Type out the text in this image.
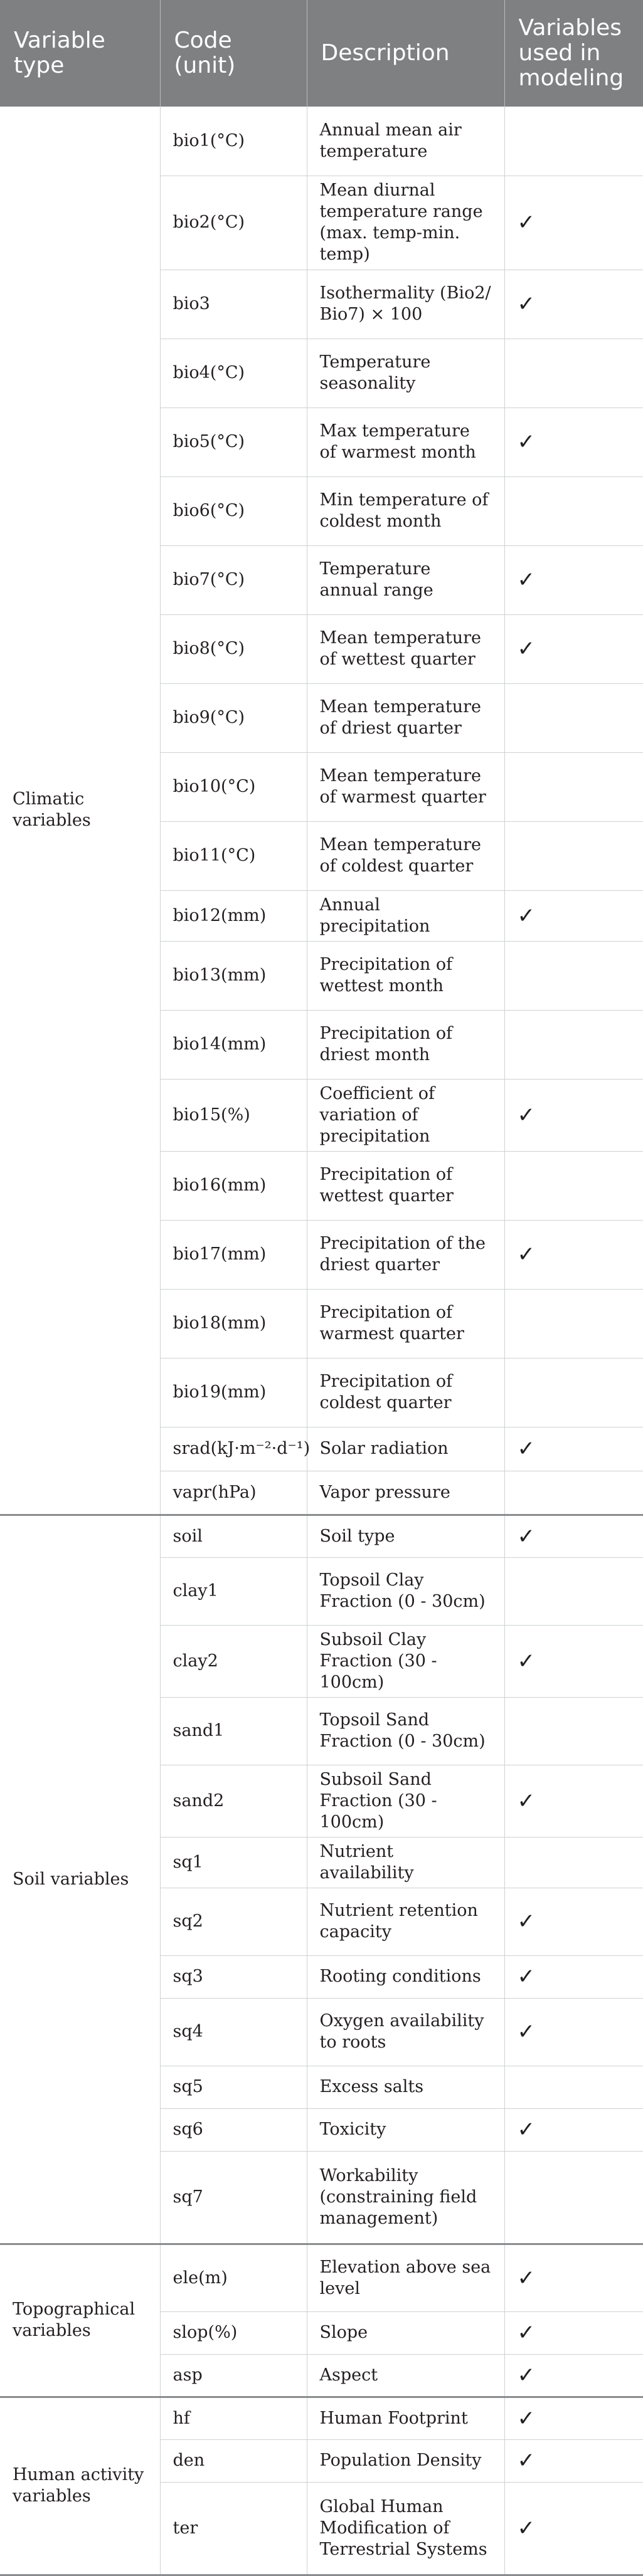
Variable type	Code (unit)	Description	Variables used in modeling
Climatic variables	bio1(°C)	Annual mean air temperature	
	bio2(°C)	Mean diurnal temperature range (max. temp-min. temp)	✓
	bio3	Isothermality (Bio2/ Bio7) × 100	✓
	bio4(°C)	Temperature seasonality	
	bio5(°C)	Max temperature of warmest month	✓
	bio6(°C)	Min temperature of coldest month	
	bio7(°C)	Temperature annual range	✓
	bio8(°C)	Mean temperature of wettest quarter	✓
	bio9(°C)	Mean temperature of driest quarter	
	bio10(°C)	Mean temperature of warmest quarter	
	bio11(°C)	Mean temperature of coldest quarter	
	bio12(mm)	Annual precipitation	✓
	bio13(mm)	Precipitation of wettest month	
	bio14(mm)	Precipitation of driest month	
	bio15(%)	Coefficient of variation of precipitation	✓
	bio16(mm)	Precipitation of wettest quarter	
	bio17(mm)	Precipitation of the driest quarter	✓
	bio18(mm)	Precipitation of warmest quarter	
	bio19(mm)	Precipitation of coldest quarter	
	srad(kJ·m⁻²·d⁻¹)	Solar radiation	✓
	vapr(hPa)	Vapor pressure	
Soil variables	soil	Soil type	✓
	clay1	Topsoil Clay Fraction (0 - 30cm)	
	clay2	Subsoil Clay Fraction (30 - 100cm)	✓
	sand1	Topsoil Sand Fraction (0 - 30cm)	
	sand2	Subsoil Sand Fraction (30 - 100cm)	✓
	sq1	Nutrient availability	
	sq2	Nutrient retention capacity	✓
	sq3	Rooting conditions	✓
	sq4	Oxygen availability to roots	✓
	sq5	Excess salts	
	sq6	Toxicity	✓
	sq7	Workability (constraining field management)	
Topographical variables	ele(m)	Elevation above sea level	✓
	slop(%)	Slope	✓
	asp	Aspect	✓
Human activity variables	hf	Human Footprint	✓
	den	Population Density	✓
	ter	Global Human Modification of Terrestrial Systems	✓
